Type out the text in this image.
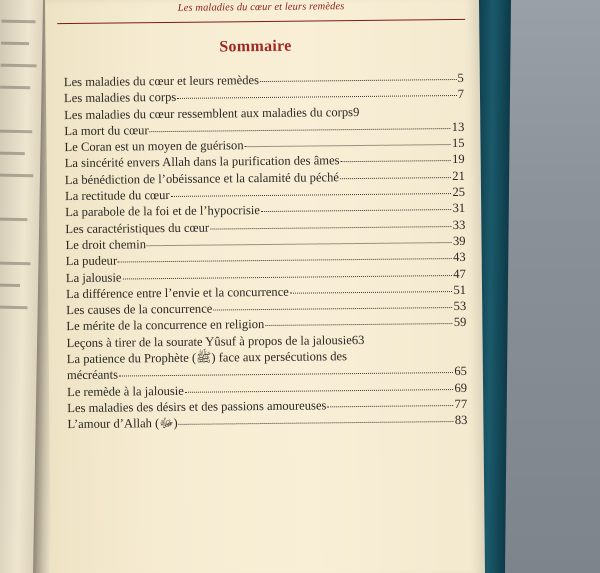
Les maladies du cœur et leurs remèdes
Sommaire
Les maladies du cœur et leurs remèdes	5
Les maladies du corps	7
Les maladies du cœur ressemblent aux maladies du corps 9
La mort du cœur	13
Le Coran est un moyen de guérison	15
La sincérité envers Allah dans la purification des âmes	19
La bénédiction de l’obéissance et la calamité du péché	21
La rectitude du cœur	25
La parabole de la foi et de l’hypocrisie	31
Les caractéristiques du cœur	33
Le droit chemin	39
La pudeur	43
La jalousie	47
La différence entre l’envie et la concurrence	51
Les causes de la concurrence	53
Le mérite de la concurrence en religion	59
Leçons à tirer de la sourate Yûsuf à propos de la jalousie 63
La patience du Prophète (ﷺ) face aux persécutions des
mécréants	65
Le remède à la jalousie	69
Les maladies des désirs et des passions amoureuses	77
L’amour d’Allah (ﷻ)	83
